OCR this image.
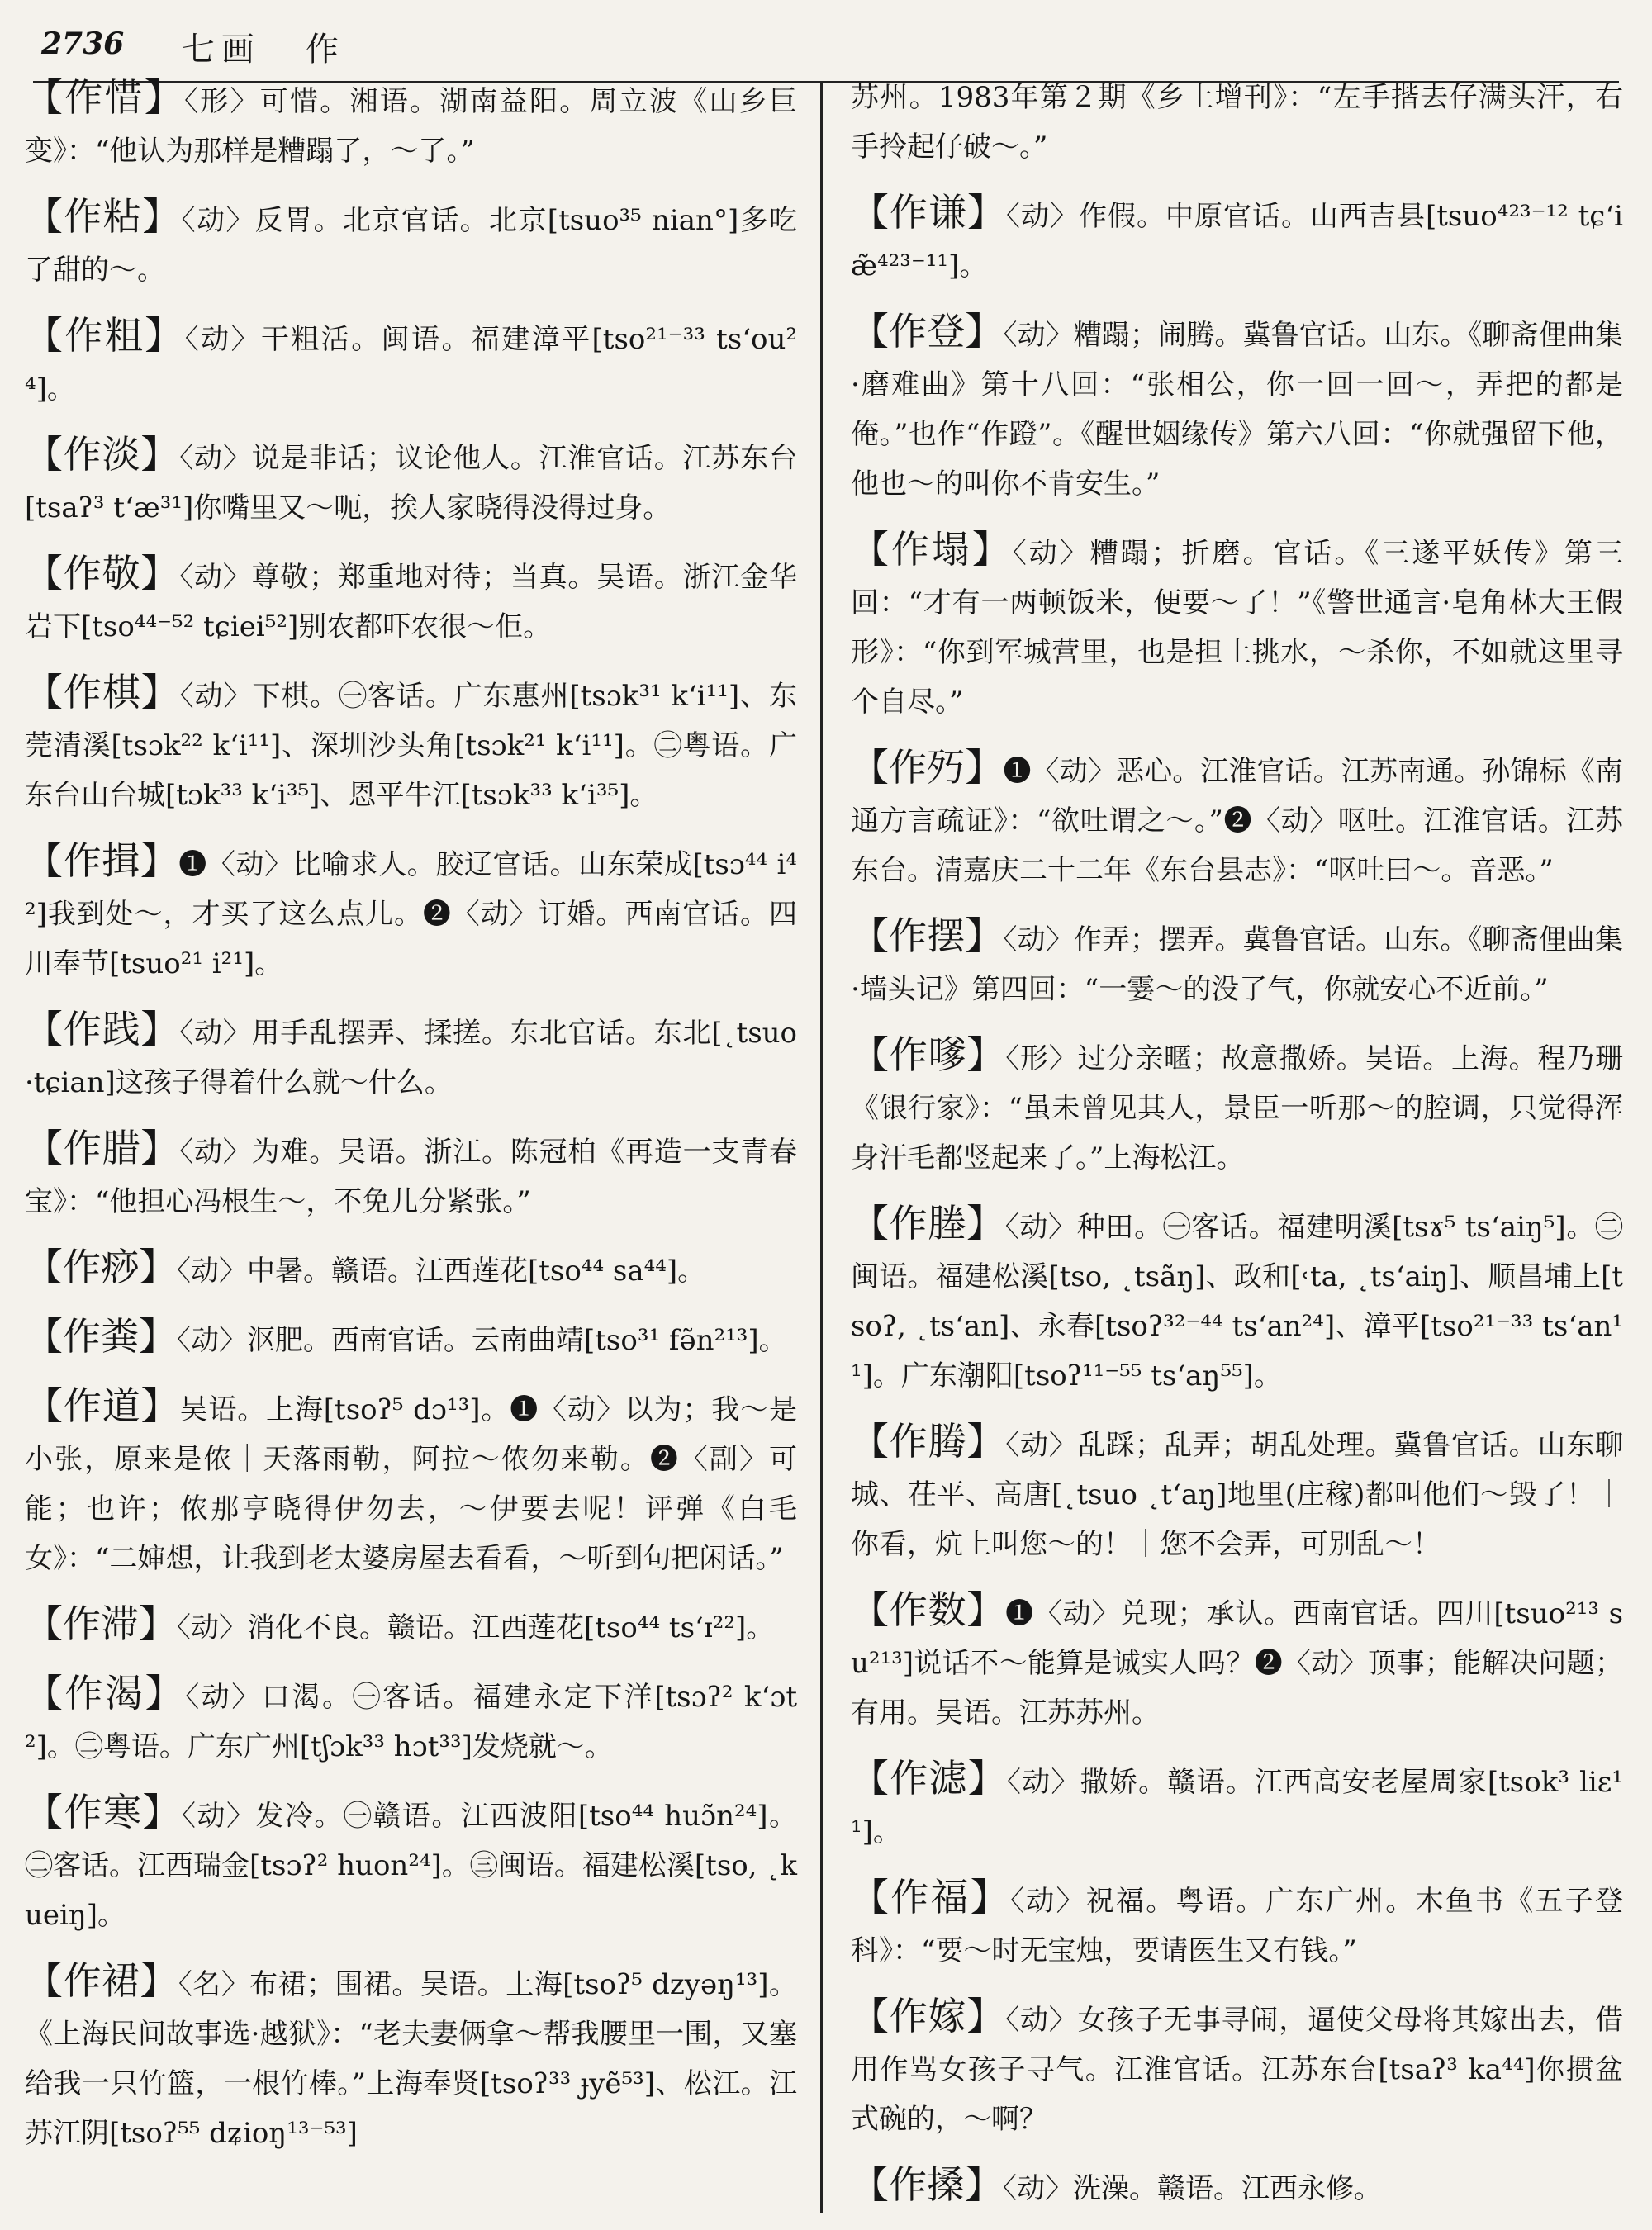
2736 七画 作
【作惜】〈形〉可惜。湘语。湖南益阳。周立波《山乡巨变》：“他认为那样是糟蹋了，～了。”
【作粘】〈动〉反胃。北京官话。北京[tsuo³⁵ nian°]多吃了甜的～。
【作粗】〈动〉干粗活。闽语。福建漳平[tso²¹⁻³³ ts‘ou²⁴]。
【作淡】〈动〉说是非话；议论他人。江淮官话。江苏东台[tsaʔ³ t‘æ³¹]你嘴里又～呃，挨人家晓得没得过身。
【作敬】〈动〉尊敬；郑重地对待；当真。吴语。浙江金华岩下[tso⁴⁴⁻⁵² tɕiei⁵²]别农都吓农很～佢。
【作棋】〈动〉下棋。㊀客话。广东惠州[tsɔk³¹ k‘i¹¹]、东莞清溪[tsɔk²² k‘i¹¹]、深圳沙头角[tsɔk²¹ k‘i¹¹]。㊁粤语。广东台山台城[tɔk³³ k‘i³⁵]、恩平牛江[tsɔk³³ k‘i³⁵]。
【作揖】❶〈动〉比喻求人。胶辽官话。山东荣成[tsɔ⁴⁴ i⁴²]我到处～，才买了这么点儿。❷〈动〉订婚。西南官话。四川奉节[tsuo²¹ i²¹]。
【作践】〈动〉用手乱摆弄、揉搓。东北官话。东北[˛tsuo ·tɕian]这孩子得着什么就～什么。
【作腊】〈动〉为难。吴语。浙江。陈冠柏《再造一支青春宝》：“他担心冯根生～，不免儿分紧张。”
【作痧】〈动〉中暑。赣语。江西莲花[tso⁴⁴ sa⁴⁴]。
【作粪】〈动〉沤肥。西南官话。云南曲靖[tso³¹ fə̃n²¹³]。
【作道】吴语。上海[tsoʔ⁵ dɔ¹³]。❶〈动〉以为；我～是小张，原来是侬｜天落雨勒，阿拉～侬勿来勒。❷〈副〉可能；也许；侬那亨晓得伊勿去，～伊要去呢！评弹《白毛女》：“二婶想，让我到老太婆房屋去看看，～听到句把闲话。”
【作滞】〈动〉消化不良。赣语。江西莲花[tso⁴⁴ ts‘ɪ²²]。
【作渴】〈动〉口渴。㊀客话。福建永定下洋[tsɔʔ² k‘ɔt²]。㊁粤语。广东广州[tʃɔk³³ hɔt³³]发烧就～。
【作寒】〈动〉发冷。㊀赣语。江西波阳[tso⁴⁴ huɔ̃n²⁴]。㊁客话。江西瑞金[tsɔʔ² huon²⁴]。㊂闽语。福建松溪[tso, ˛kueiŋ]。
【作裙】〈名〉布裙；围裙。吴语。上海[tsoʔ⁵ dzyəŋ¹³]。《上海民间故事选·越狱》：“老夫妻俩拿～帮我腰里一围，又塞给我一只竹篮，一根竹棒。”上海奉贤[tsoʔ³³ ɟyẽ⁵³]、松江。江苏江阴[tsoʔ⁵⁵ dʑioŋ¹³⁻⁵³]
苏州。1983年第２期《乡土增刊》：“左手揩去仔满头汗，右手拎起仔破～。”
【作谦】〈动〉作假。中原官话。山西吉县[tsuo⁴²³⁻¹² tɕ‘iæ̃⁴²³⁻¹¹]。
【作登】〈动〉糟蹋；闹腾。冀鲁官话。山东。《聊斋俚曲集·磨难曲》第十八回：“张相公，你一回一回～，弄把的都是俺。”也作“作蹬”。《醒世姻缘传》第六八回：“你就强留下他，他也～的叫你不肯安生。”
【作塌】〈动〉糟蹋；折磨。官话。《三遂平妖传》第三回：“才有一两顿饭米，便要～了！”《警世通言·皂角林大王假形》：“你到军城营里，也是担土挑水，～杀你，不如就这里寻个自尽。”
【作㱙】❶〈动〉恶心。江淮官话。江苏南通。孙锦标《南通方言疏证》：“欲吐谓之～。”❷〈动〉呕吐。江淮官话。江苏东台。清嘉庆二十二年《东台县志》：“呕吐曰～。音恶。”
【作摆】〈动〉作弄；摆弄。冀鲁官话。山东。《聊斋俚曲集·墙头记》第四回：“一霎～的没了气，你就安心不近前。”
【作嗲】〈形〉过分亲暱；故意撒娇。吴语。上海。程乃珊《银行家》：“虽未曾见其人，景臣一听那～的腔调，只觉得浑身汗毛都竖起来了。”上海松江。
【作塍】〈动〉种田。㊀客话。福建明溪[tsɤ⁵ ts‘aiŋ⁵]。㊁闽语。福建松溪[tso, ˛tsãŋ]、政和[˓ta, ˛ts‘aiŋ]、顺昌埔上[tsoʔ, ˛ts‘an]、永春[tsoʔ³²⁻⁴⁴ ts‘an²⁴]、漳平[tso²¹⁻³³ ts‘an¹¹]。广东潮阳[tsoʔ¹¹⁻⁵⁵ ts‘aŋ⁵⁵]。
【作腾】〈动〉乱踩；乱弄；胡乱处理。冀鲁官话。山东聊城、茌平、高唐[˛tsuo ˛t‘aŋ]地里(庄稼)都叫他们～毁了！｜你看，炕上叫您～的！｜您不会弄，可别乱～！
【作数】❶〈动〉兑现；承认。西南官话。四川[tsuo²¹³ su²¹³]说话不～能算是诚实人吗？❷〈动〉顶事；能解决问题；有用。吴语。江苏苏州。
【作滤】〈动〉撒娇。赣语。江西高安老屋周家[tsok³ liɛ¹¹]。
【作福】〈动〉祝福。粤语。广东广州。木鱼书《五子登科》：“要～时无宝烛，要请医生又冇钱。”
【作嫁】〈动〉女孩子无事寻闹，逼使父母将其嫁出去，借用作骂女孩子寻气。江淮官话。江苏东台[tsaʔ³ ka⁴⁴]你掼盆式碗的，～啊？
【作搡】〈动〉洗澡。赣语。江西永修。
